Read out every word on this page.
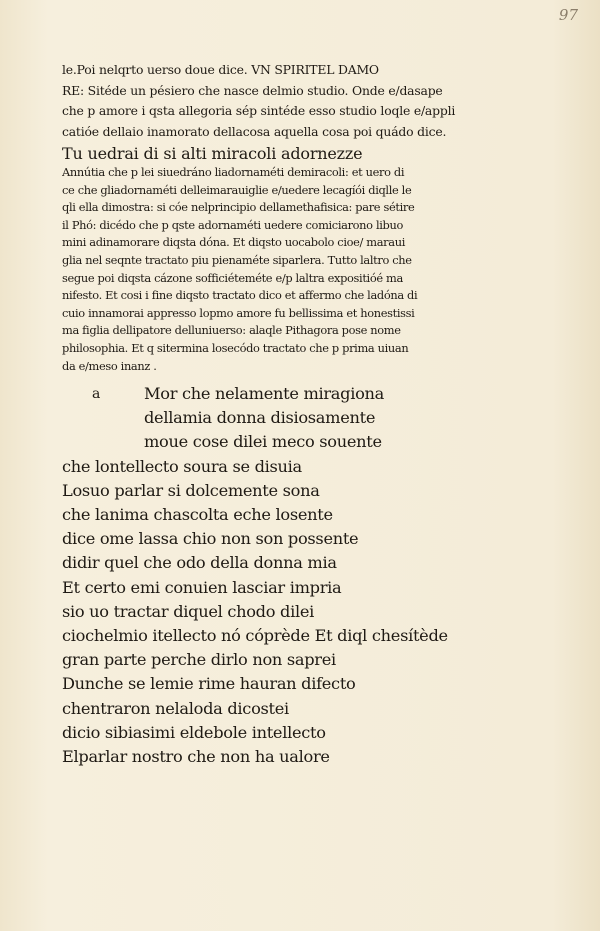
97
le.Poi nelqrto uerso doue dice. VN SPIRITEL DAMO
RE: Sitéde un pésiero che nasce delmio studio. Onde e/dasape
che p amore i qsta allegoria sép sintéde esso studio loqle e/appli
catióe dellaio inamorato dellacosa aquella cosa poi quádo dice.
Tu uedrai di si alti miracoli adornezze
Annútia che p lei siuedráno liadornaméti demiracoli: et uero di
ce che gliadornaméti delleimarauiglie e/uedere lecagíói diqlle le
qli ella dimostra: si cóe nelprincipio dellamethafisica: pare sétire
il Phó: dicédo che p qste adornaméti uedere comiciarono libuo
mini adinamorare diqsta dóna. Et diqsto uocabolo cioe/ maraui
glia nel seqnte tractato piu pienaméte siparlera. Tutto laltro che
segue poi diqsta cázone sofficiéteméte e/p laltra expositióé ma
nifesto. Et cosi i fine diqsto tractato dico et affermo che ladóna di
cuio innamorai appresso lopmo amore fu bellissima et honestissi
ma figlia dellipatore delluniuerso: alaqle Pithagora pose nome
philosophia. Et q sitermina losecódo tractato che p prima uiuan
da e/meso inanz .
a	Mor che nelamente miragiona
dellamia donna disiosamente
moue cose dilei meco souente
che lontellecto soura se disuia
Losuo parlar si dolcemente sona
che lanima chascolta eche losente
dice ome lassa chio non son possente
didir quel che odo della donna mia
Et certo emi conuien lasciar impria
sio uo tractar diquel chodo dilei
ciochelmio itellecto nó cóprède Et diql chesítède
gran parte perche dirlo non saprei
Dunche se lemie rime hauran difecto
chentraron nelaloda dicostei
dicio sibiasimi eldebole intellecto
Elparlar nostro che non ha ualore
